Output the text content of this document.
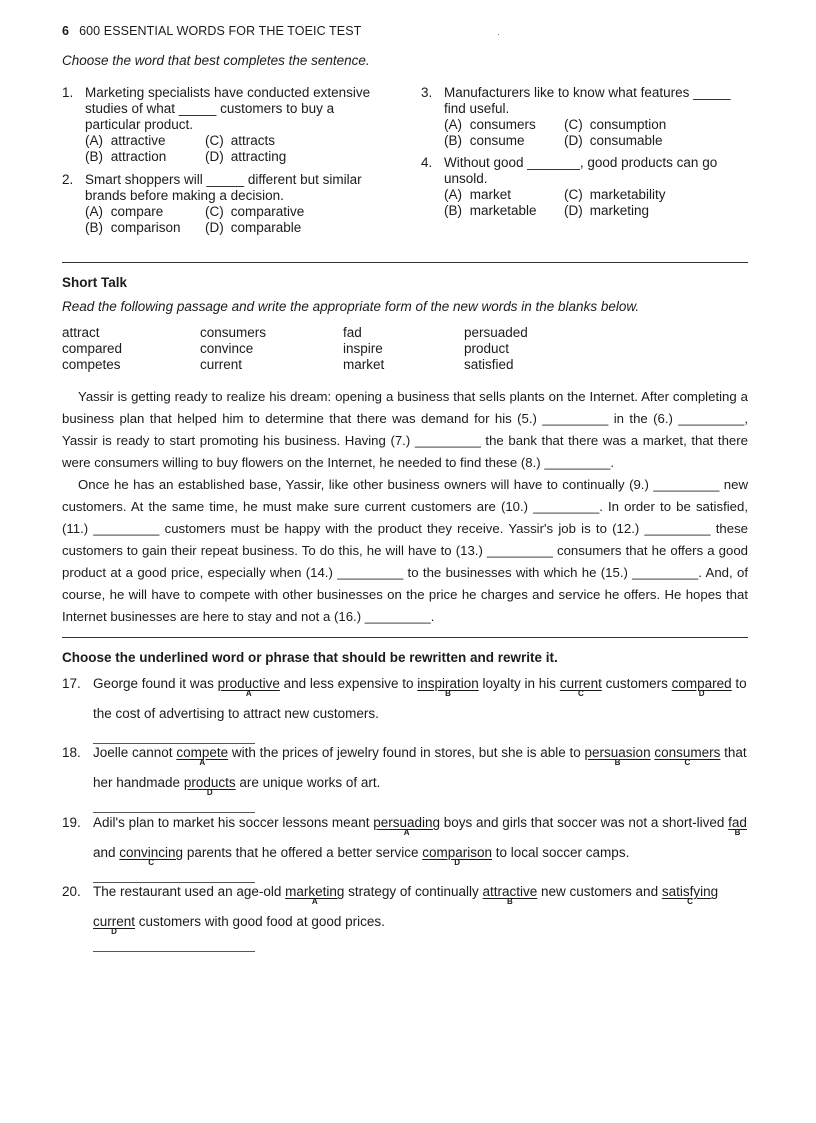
6 600 ESSENTIAL WORDS FOR THE TOEIC TEST
Choose the word that best completes the sentence.
1. Marketing specialists have conducted extensive
studies of what _____ customers to buy a
particular product.
(A) attractive	(C) attracts
(B) attraction	(D) attracting
2. Smart shoppers will _____ different but similar
brands before making a decision.
(A) compare	(C) comparative
(B) comparison	(D) comparable
3. Manufacturers like to know what features _____
find useful.
(A) consumers	(C) consumption
(B) consume	(D) consumable
4. Without good _______, good products can go
unsold.
(A) market	(C) marketability
(B) marketable	(D) marketing
Short Talk
Read the following passage and write the appropriate form of the new words in the blanks below.
attract	consumers	fad	persuaded
compared	convince	inspire	product
competes	current	market	satisfied

Yassir is getting ready to realize his dream: opening a business that sells plants on the Internet. After completing a business plan that helped him to determine that there was demand for his (5.) _________ in the (6.) _________, Yassir is ready to start promoting his business. Having (7.) _________ the bank that there was a market, that there were consumers willing to buy flowers on the Internet, he needed to find these (8.) _________.

Once he has an established base, Yassir, like other business owners will have to continually (9.) _________ new customers. At the same time, he must make sure current customers are (10.) _________. In order to be satisfied, (11.) _________ customers must be happy with the product they receive. Yassir's job is to (12.) _________ these customers to gain their repeat business. To do this, he will have to (13.) _________ consumers that he offers a good product at a good price, especially when (14.) _________ to the businesses with which he (15.) _________. And, of course, he will have to compete with other businesses on the price he charges and service he offers. He hopes that Internet businesses are here to stay and not a (16.) _________.

Choose the underlined word or phrase that should be rewritten and rewrite it.
17. George found it was productive
A
and less expensive to inspiration
B
loyalty in his current
C
customers compared
D
to
the cost of advertising to attract new customers.
18. Joelle cannot compete
A
with the prices of jewelry found in stores, but she is able to persuasion
B
consumers
C
that
her handmade products
D
are unique works of art.
19. Adil's plan to market his soccer lessons meant persuading
A
boys and girls that soccer was not a short-lived fad
B
and convincing
C
parents that he offered a better service comparison
D
to local soccer camps.
20. The restaurant used an age-old marketing
A
strategy of continually attractive
B
new customers and satisfying
C
current
D
customers with good food at good prices.
